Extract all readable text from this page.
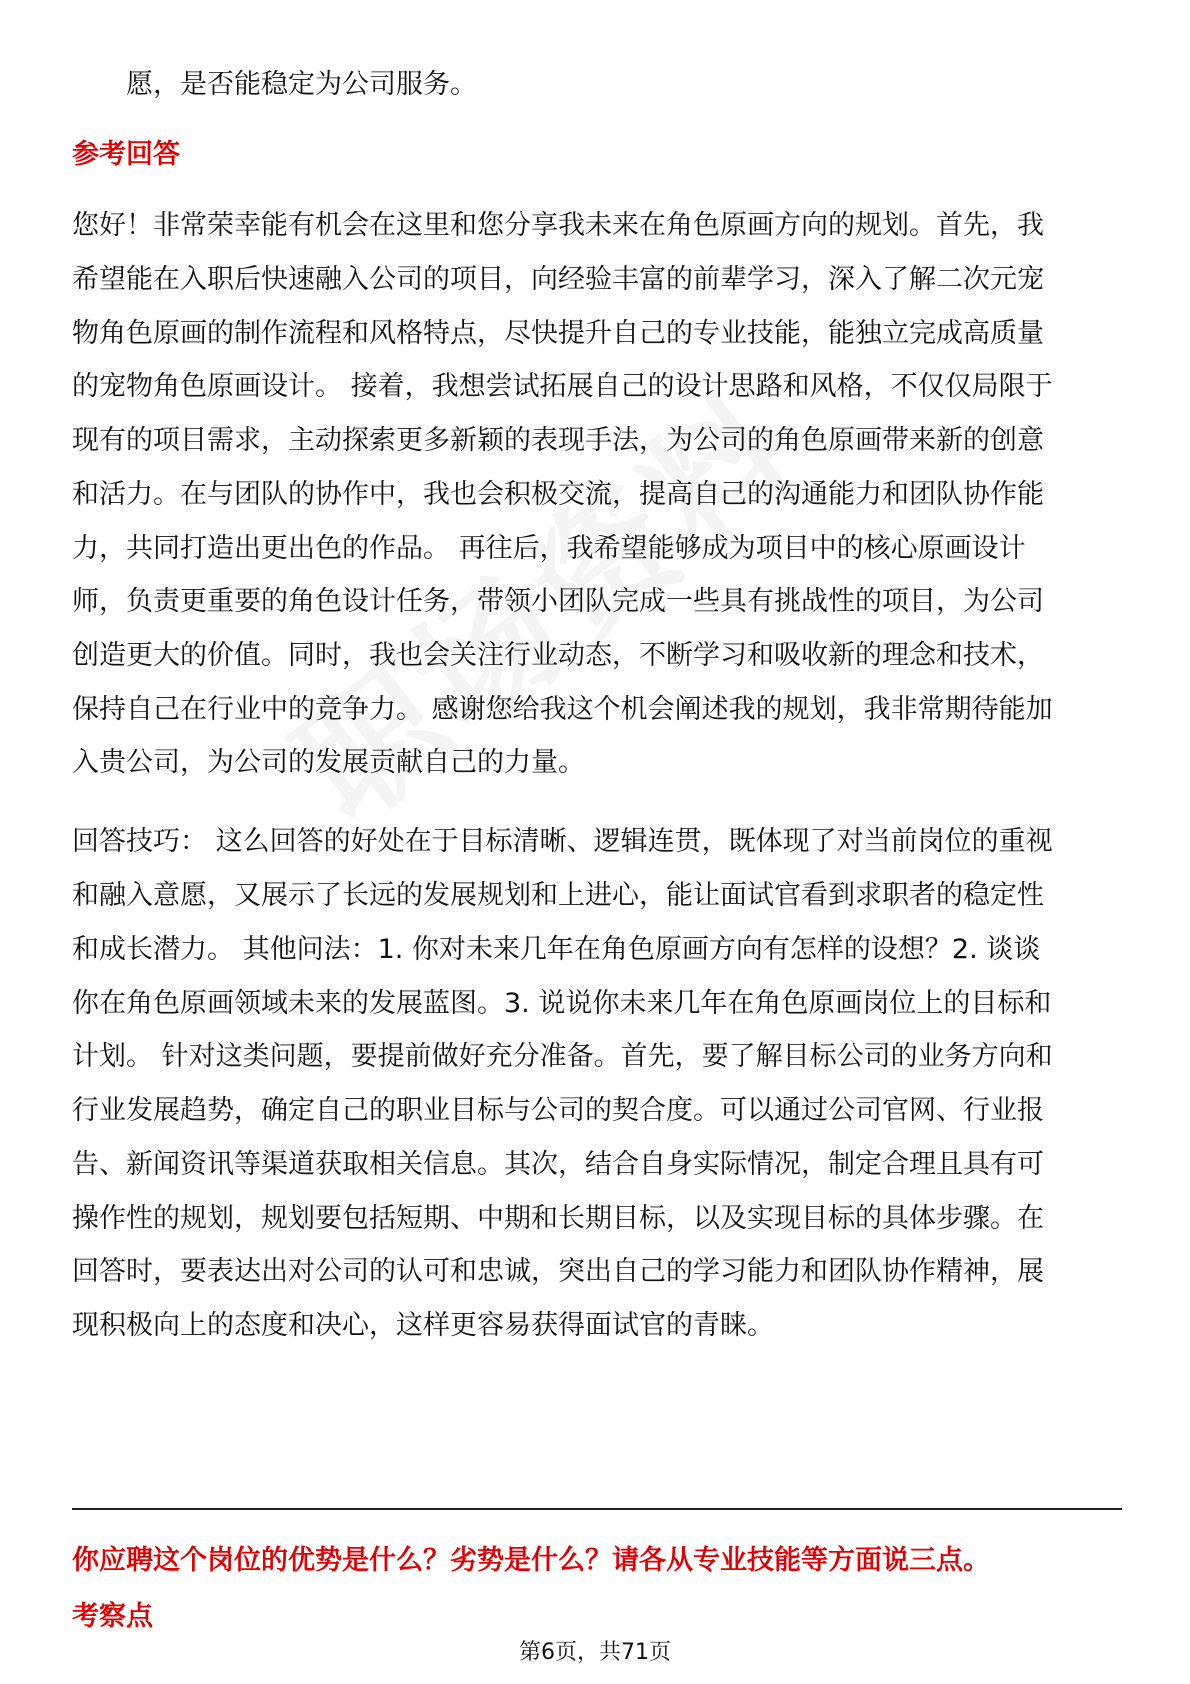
愿，是否能稳定为公司服务。
参考回答
您好！非常荣幸能有机会在这里和您分享我未来在角色原画方向的规划。首先，我
希望能在入职后快速融入公司的项目，向经验丰富的前辈学习，深入了解二次元宠
物角色原画的制作流程和风格特点，尽快提升自己的专业技能，能独立完成高质量
的宠物角色原画设计。 接着，我想尝试拓展自己的设计思路和风格，不仅仅局限于
现有的项目需求，主动探索更多新颖的表现手法，为公司的角色原画带来新的创意
和活力。在与团队的协作中，我也会积极交流，提高自己的沟通能力和团队协作能
力，共同打造出更出色的作品。 再往后，我希望能够成为项目中的核心原画设计
师，负责更重要的角色设计任务，带领小团队完成一些具有挑战性的项目，为公司
创造更大的价值。同时，我也会关注行业动态，不断学习和吸收新的理念和技术，
保持自己在行业中的竞争力。 感谢您给我这个机会阐述我的规划，我非常期待能加
入贵公司，为公司的发展贡献自己的力量。
回答技巧： 这么回答的好处在于目标清晰、逻辑连贯，既体现了对当前岗位的重视
和融入意愿，又展示了长远的发展规划和上进心，能让面试官看到求职者的稳定性
和成长潜力。 其他问法：1. 你对未来几年在角色原画方向有怎样的设想？2. 谈谈
你在角色原画领域未来的发展蓝图。3. 说说你未来几年在角色原画岗位上的目标和
计划。 针对这类问题，要提前做好充分准备。首先，要了解目标公司的业务方向和
行业发展趋势，确定自己的职业目标与公司的契合度。可以通过公司官网、行业报
告、新闻资讯等渠道获取相关信息。其次，结合自身实际情况，制定合理且具有可
操作性的规划，规划要包括短期、中期和长期目标，以及实现目标的具体步骤。在
回答时，要表达出对公司的认可和忠诚，突出自己的学习能力和团队协作精神，展
现积极向上的态度和决心，这样更容易获得面试官的青睐。
你应聘这个岗位的优势是什么？劣势是什么？请各从专业技能等方面说三点。
考察点
第6页，共71页
